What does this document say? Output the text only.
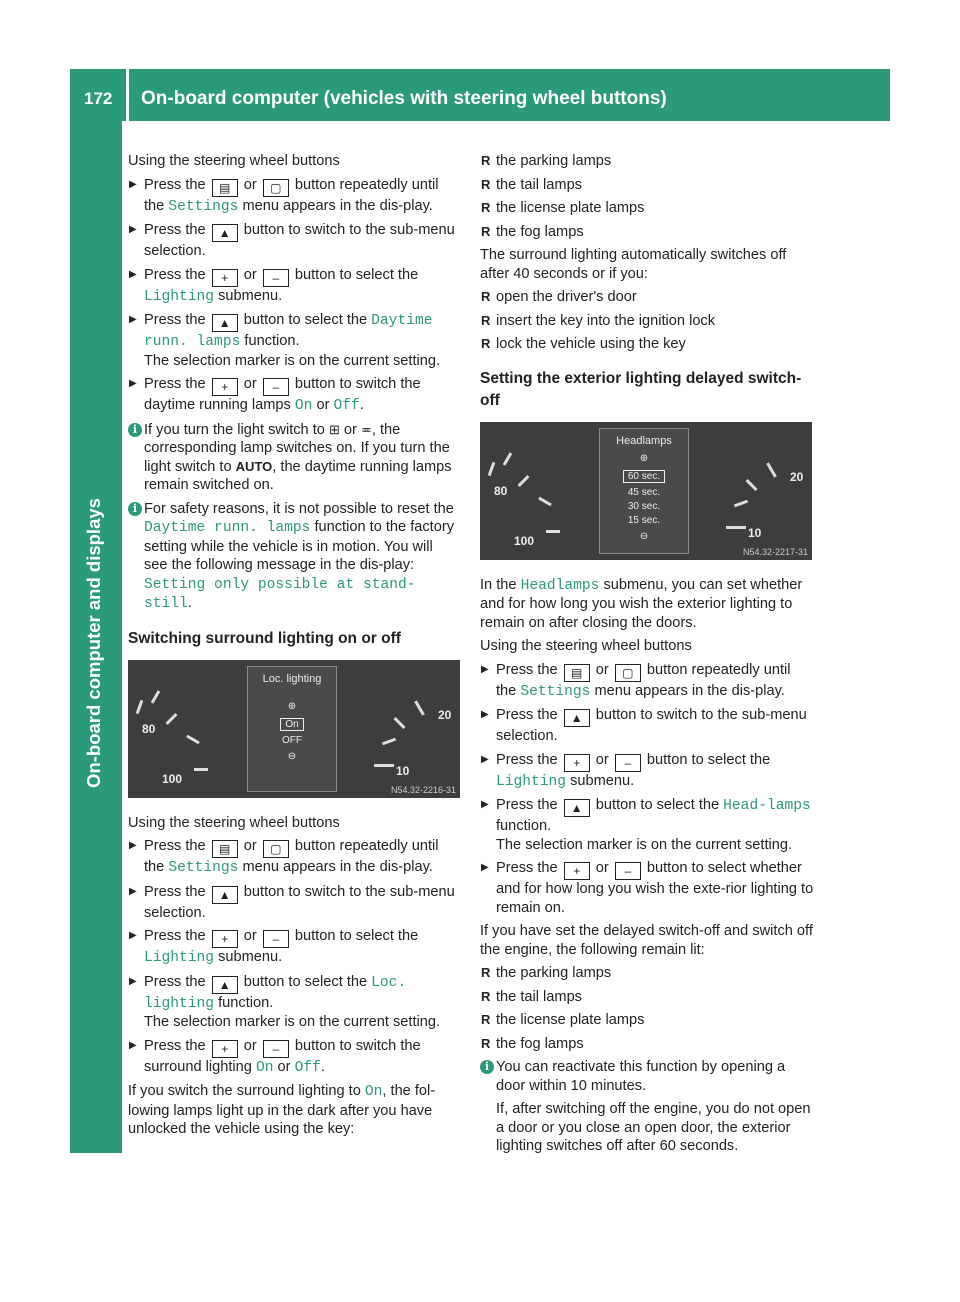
172 On-board computer (vehicles with steering wheel buttons)
On-board computer and displays

Using the steering wheel buttons

▶ Press the ▤ or ▢ button repeatedly until the Settings menu appears in the dis-play.

▶ Press the ▲ button to switch to the sub-menu selection.

▶ Press the + or – button to select the Lighting submenu.

▶ Press the ▲ button to select the Daytime runn. lamps function.
The selection marker is on the current setting.

▶ Press the + or – button to switch the daytime running lamps On or Off.

i If you turn the light switch to ⊞ or ≖, the corresponding lamp switches on. If you turn the light switch to AUTO, the daytime running lamps remain switched on.

i For safety reasons, it is not possible to reset the Daytime runn. lamps function to the factory setting while the vehicle is in motion. You will see the following message in the dis-play: Setting only possible at stand‐still.

Switching surround lighting on or off
80
100
20
10
Loc. lighting
⊕
On
OFF
⊖
N54.32-2216-31

Using the steering wheel buttons

▶ Press the ▤ or ▢ button repeatedly until the Settings menu appears in the dis-play.

▶ Press the ▲ button to switch to the sub-menu selection.

▶ Press the + or – button to select the Lighting submenu.

▶ Press the ▲ button to select the Loc. lighting function.
The selection marker is on the current setting.

▶ Press the + or – button to switch the surround lighting On or Off.

If you switch the surround lighting to On, the fol-lowing lamps light up in the dark after you have unlocked the vehicle using the key:

R the parking lamps

R the tail lamps

R the license plate lamps

R the fog lamps

The surround lighting automatically switches off after 40 seconds or if you:

R open the driver's door

R insert the key into the ignition lock

R lock the vehicle using the key

Setting the exterior lighting delayed switch-off
80
100
20
10
Headlamps
⊕
60 sec.
45 sec.
30 sec.
15 sec.
⊖
N54.32-2217-31

In the Headlamps submenu, you can set whether and for how long you wish the exterior lighting to remain on after closing the doors.

Using the steering wheel buttons

▶ Press the ▤ or ▢ button repeatedly until the Settings menu appears in the dis-play.

▶ Press the ▲ button to switch to the sub-menu selection.

▶ Press the + or – button to select the Lighting submenu.

▶ Press the ▲ button to select the Head‐lamps function.
The selection marker is on the current setting.

▶ Press the + or – button to select whether and for how long you wish the exte-rior lighting to remain on.

If you have set the delayed switch-off and switch off the engine, the following remain lit:

R the parking lamps

R the tail lamps

R the license plate lamps

R the fog lamps

i You can reactivate this function by opening a door within 10 minutes.

If, after switching off the engine, you do not open a door or you close an open door, the exterior lighting switches off after 60 seconds.
